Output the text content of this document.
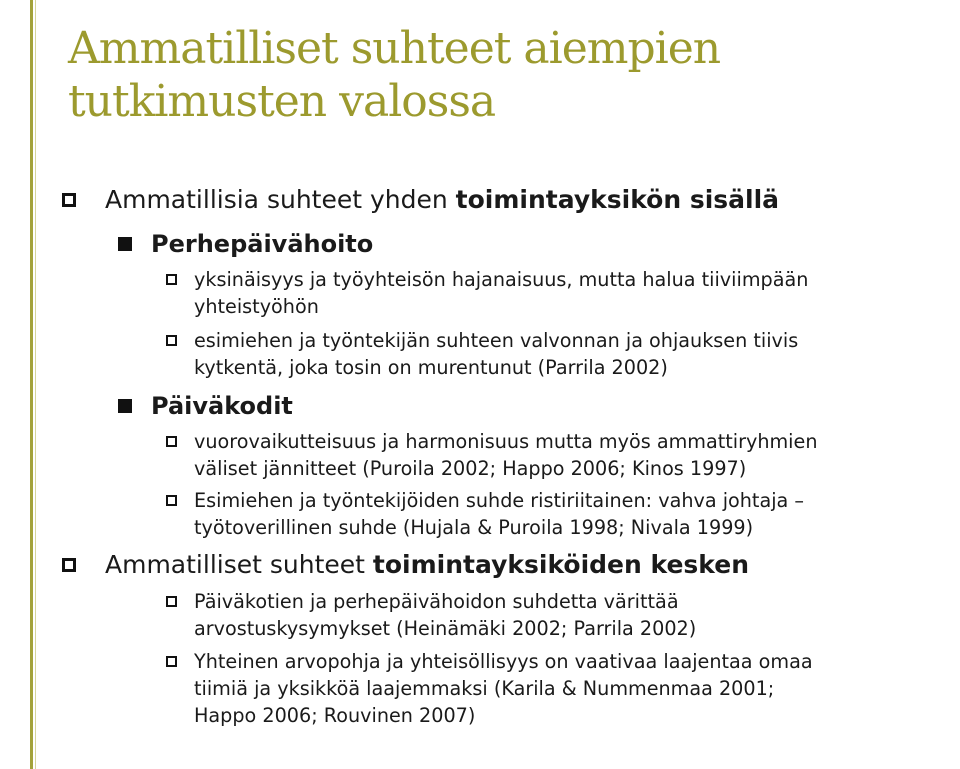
Ammatilliset suhteet aiempien
tutkimusten valossa
Ammatillisia suhteet yhden toimintayksikön sisällä
Perhepäivähoito
yksinäisyys ja työyhteisön hajanaisuus, mutta halua tiiviimpään
yhteistyöhön
esimiehen ja työntekijän suhteen valvonnan ja ohjauksen tiivis
kytkentä, joka tosin on murentunut (Parrila 2002)
Päiväkodit
vuorovaikutteisuus ja harmonisuus mutta myös ammattiryhmien
väliset jännitteet (Puroila 2002; Happo 2006; Kinos 1997)
Esimiehen ja työntekijöiden suhde ristiriitainen: vahva johtaja –
työtoverillinen suhde (Hujala & Puroila 1998; Nivala 1999)
Ammatilliset suhteet toimintayksiköiden kesken
Päiväkotien ja perhepäivähoidon suhdetta värittää
arvostuskysymykset (Heinämäki 2002; Parrila 2002)
Yhteinen arvopohja ja yhteisöllisyys on vaativaa laajentaa omaa
tiimiä ja yksikköä laajemmaksi (Karila & Nummenmaa 2001;
Happo 2006; Rouvinen 2007)
